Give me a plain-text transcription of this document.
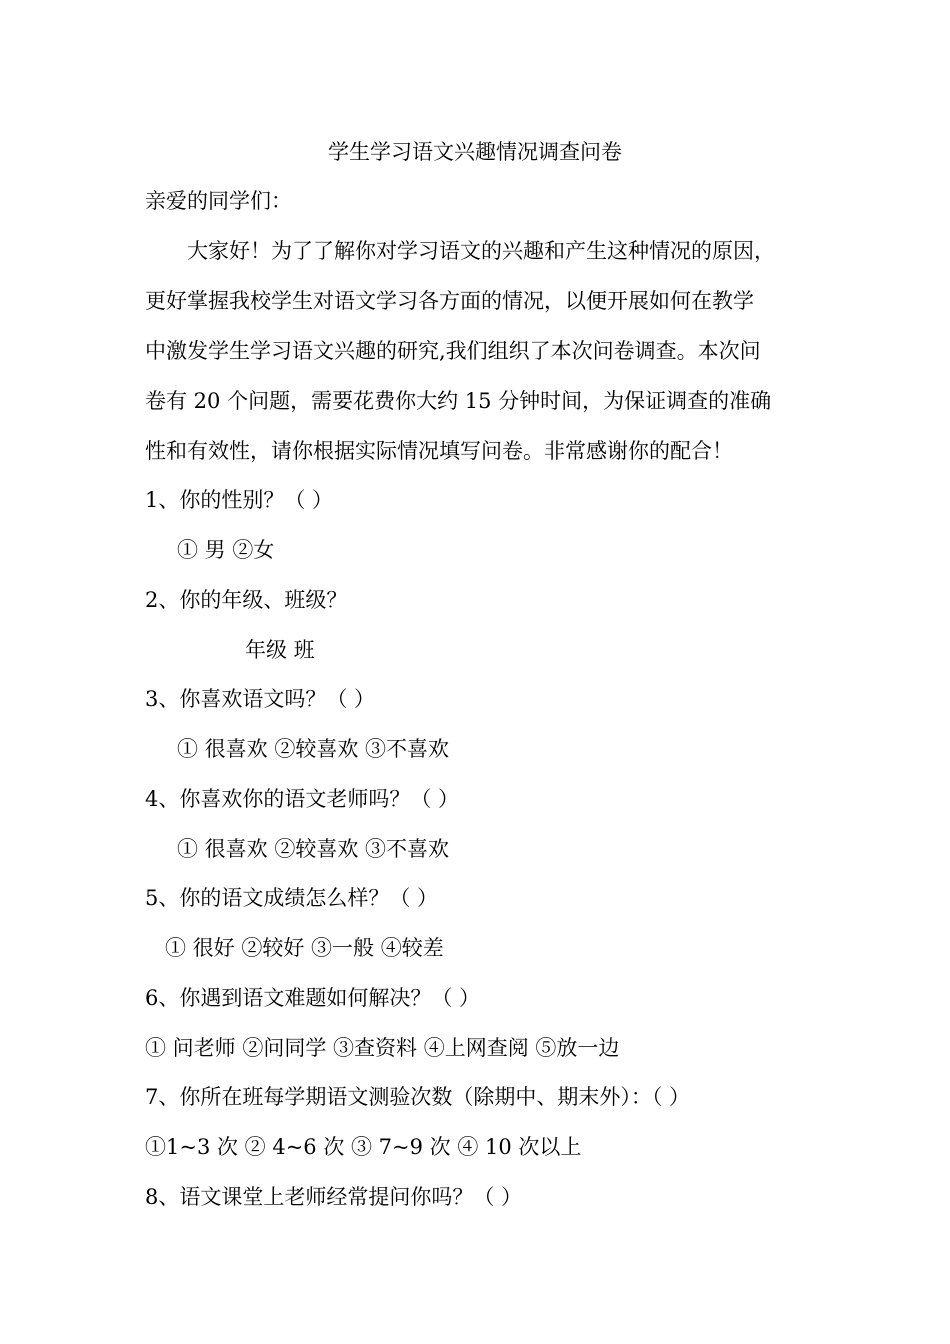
学生学习语文兴趣情况调查问卷
亲爱的同学们：
大家好！为了了解你对学习语文的兴趣和产生这种情况的原因，
更好掌握我校学生对语文学习各方面的情况，以便开展如何在教学
中激发学生学习语文兴趣的研究,我们组织了本次问卷调查。本次问
卷有 20 个问题，需要花费你大约 15 分钟时间，为保证调查的准确
性和有效性，请你根据实际情况填写问卷。非常感谢你的配合！
1、你的性别？（ ）
① 男 ②女
2、你的年级、班级？
年级 班
3、你喜欢语文吗？（ ）
① 很喜欢 ②较喜欢 ③不喜欢
4、你喜欢你的语文老师吗？（ ）
① 很喜欢 ②较喜欢 ③不喜欢
5、你的语文成绩怎么样？（ ）
① 很好 ②较好 ③一般 ④较差
6、你遇到语文难题如何解决？（ ）
① 问老师 ②问同学 ③查资料 ④上网查阅 ⑤放一边
7、你所在班每学期语文测验次数（除期中、期末外）：（ ）
①1~3 次 ② 4~6 次 ③ 7~9 次 ④ 10 次以上
8、语文课堂上老师经常提问你吗？（ ）
